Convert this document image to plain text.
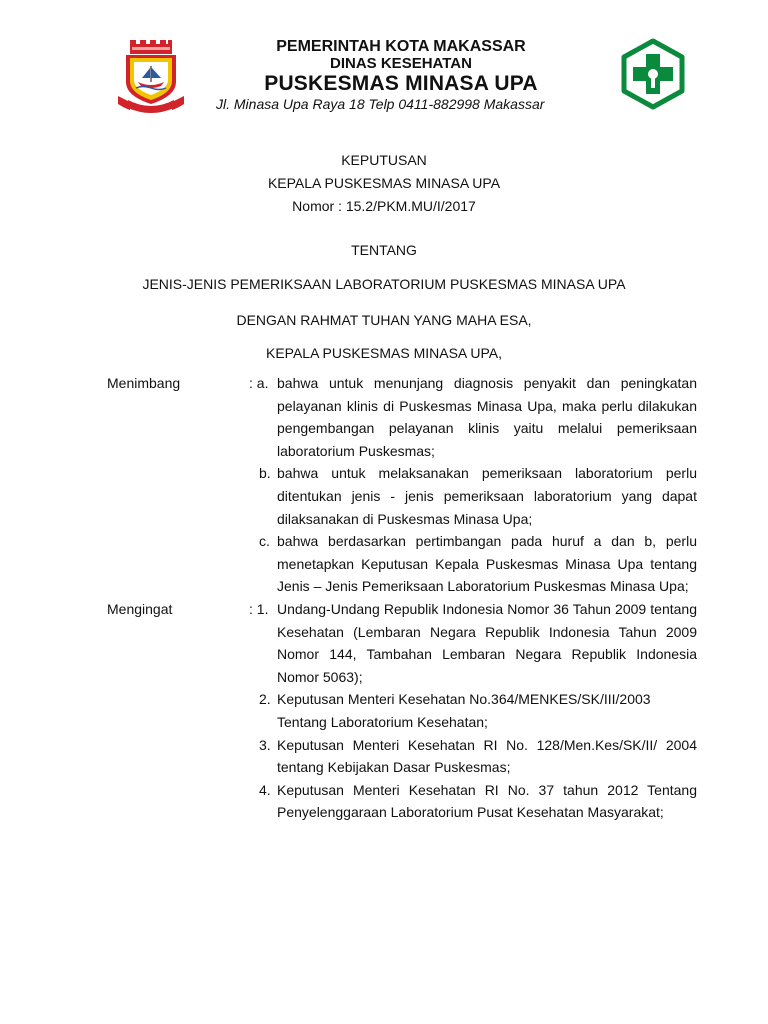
PEMERINTAH KOTA MAKASSAR
DINAS KESEHATAN
PUSKESMAS MINASA UPA
Jl. Minasa Upa Raya 18 Telp 0411-882998 Makassar
KEPUTUSAN
KEPALA PUSKESMAS MINASA UPA
Nomor : 15.2/PKM.MU/I/2017
TENTANG
JENIS-JENIS PEMERIKSAAN LABORATORIUM PUSKESMAS MINASA UPA
DENGAN RAHMAT TUHAN YANG MAHA ESA,
KEPALA PUSKESMAS MINASA UPA,
Menimbang	: a. bahwa untuk menunjang diagnosis penyakit dan peningkatan pelayanan klinis di Puskesmas Minasa Upa, maka perlu dilakukan pengembangan pelayanan klinis yaitu melalui pemeriksaan laboratorium Puskesmas;
b. bahwa untuk melaksanakan pemeriksaan laboratorium perlu ditentukan jenis - jenis pemeriksaan laboratorium yang dapat dilaksanakan di Puskesmas Minasa Upa;
c. bahwa berdasarkan pertimbangan pada huruf a dan b, perlu menetapkan Keputusan Kepala Puskesmas Minasa Upa tentang Jenis – Jenis Pemeriksaan Laboratorium Puskesmas Minasa Upa;
Mengingat	: 1. Undang-Undang Republik Indonesia Nomor 36 Tahun 2009 tentang Kesehatan (Lembaran Negara Republik Indonesia Tahun 2009 Nomor 144, Tambahan Lembaran Negara Republik Indonesia Nomor 5063);
2. Keputusan Menteri Kesehatan No.364/MENKES/SK/III/2003 Tentang Laboratorium Kesehatan;
3. Keputusan Menteri Kesehatan RI No. 128/Men.Kes/SK/II/ 2004 tentang Kebijakan Dasar Puskesmas;
4. Keputusan Menteri Kesehatan RI No. 37 tahun 2012 Tentang Penyelenggaraan Laboratorium Pusat Kesehatan Masyarakat;
